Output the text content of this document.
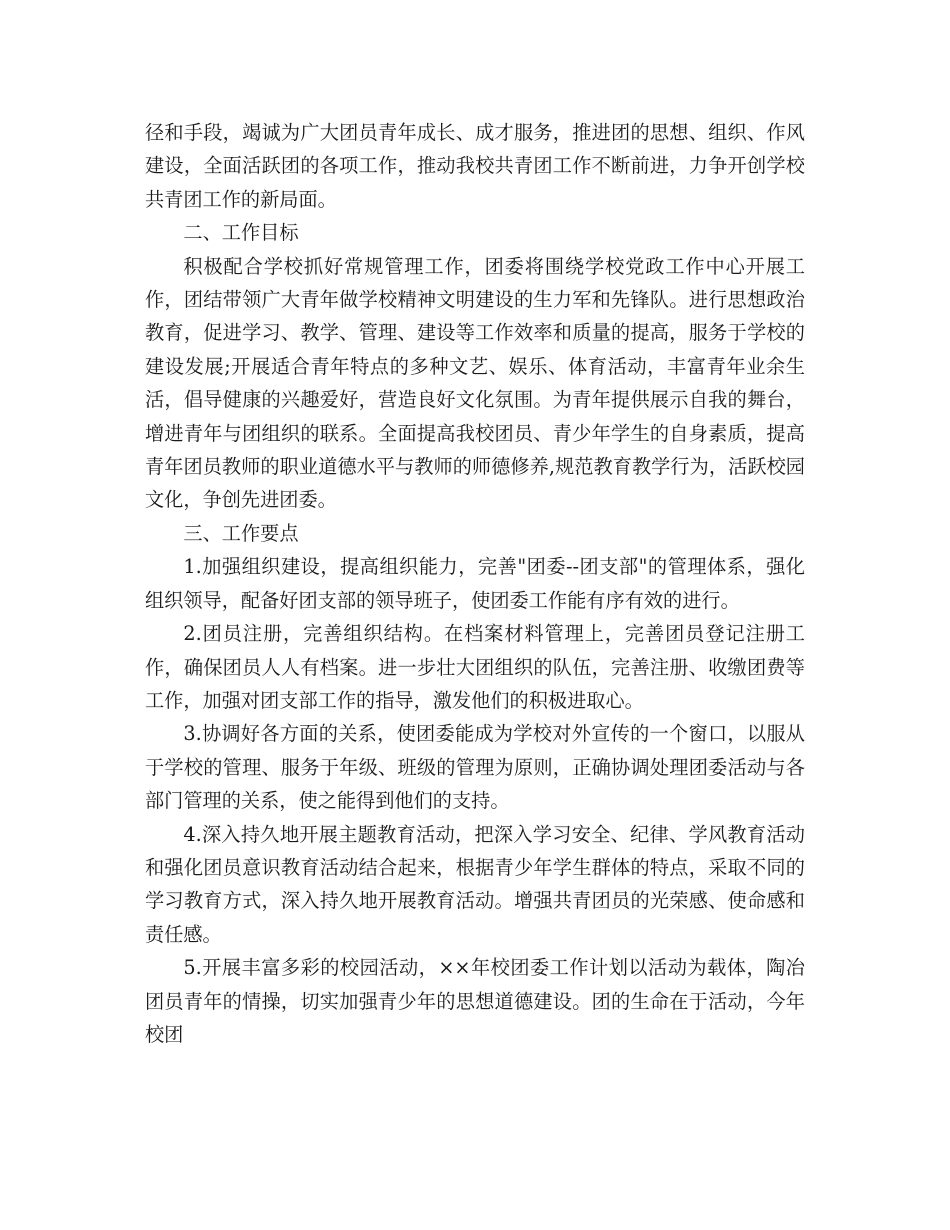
径和手段，竭诚为广大团员青年成长、成才服务，推进团的思想、组织、作风建设，全面活跃团的各项工作，推动我校共青团工作不断前进，力争开创学校共青团工作的新局面。

二、工作目标

积极配合学校抓好常规管理工作，团委将围绕学校党政工作中心开展工作，团结带领广大青年做学校精神文明建设的生力军和先锋队。进行思想政治教育，促进学习、教学、管理、建设等工作效率和质量的提高，服务于学校的建设发展;开展适合青年特点的多种文艺、娱乐、体育活动，丰富青年业余生活，倡导健康的兴趣爱好，营造良好文化氛围。为青年提供展示自我的舞台，增进青年与团组织的联系。全面提高我校团员、青少年学生的自身素质，提高青年团员教师的职业道德水平与教师的师德修养,规范教育教学行为，活跃校园文化，争创先进团委。

三、工作要点

1.加强组织建设，提高组织能力，完善"团委--团支部"的管理体系，强化组织领导，配备好团支部的领导班子，使团委工作能有序有效的进行。

2.团员注册，完善组织结构。在档案材料管理上，完善团员登记注册工作，确保团员人人有档案。进一步壮大团组织的队伍，完善注册、收缴团费等工作，加强对团支部工作的指导，激发他们的积极进取心。

3.协调好各方面的关系，使团委能成为学校对外宣传的一个窗口，以服从于学校的管理、服务于年级、班级的管理为原则，正确协调处理团委活动与各部门管理的关系，使之能得到他们的支持。

4.深入持久地开展主题教育活动，把深入学习安全、纪律、学风教育活动和强化团员意识教育活动结合起来，根据青少年学生群体的特点，采取不同的学习教育方式，深入持久地开展教育活动。增强共青团员的光荣感、使命感和责任感。

5.开展丰富多彩的校园活动，××年校团委工作计划以活动为载体，陶冶团员青年的情操，切实加强青少年的思想道德建设。团的生命在于活动，今年校团
